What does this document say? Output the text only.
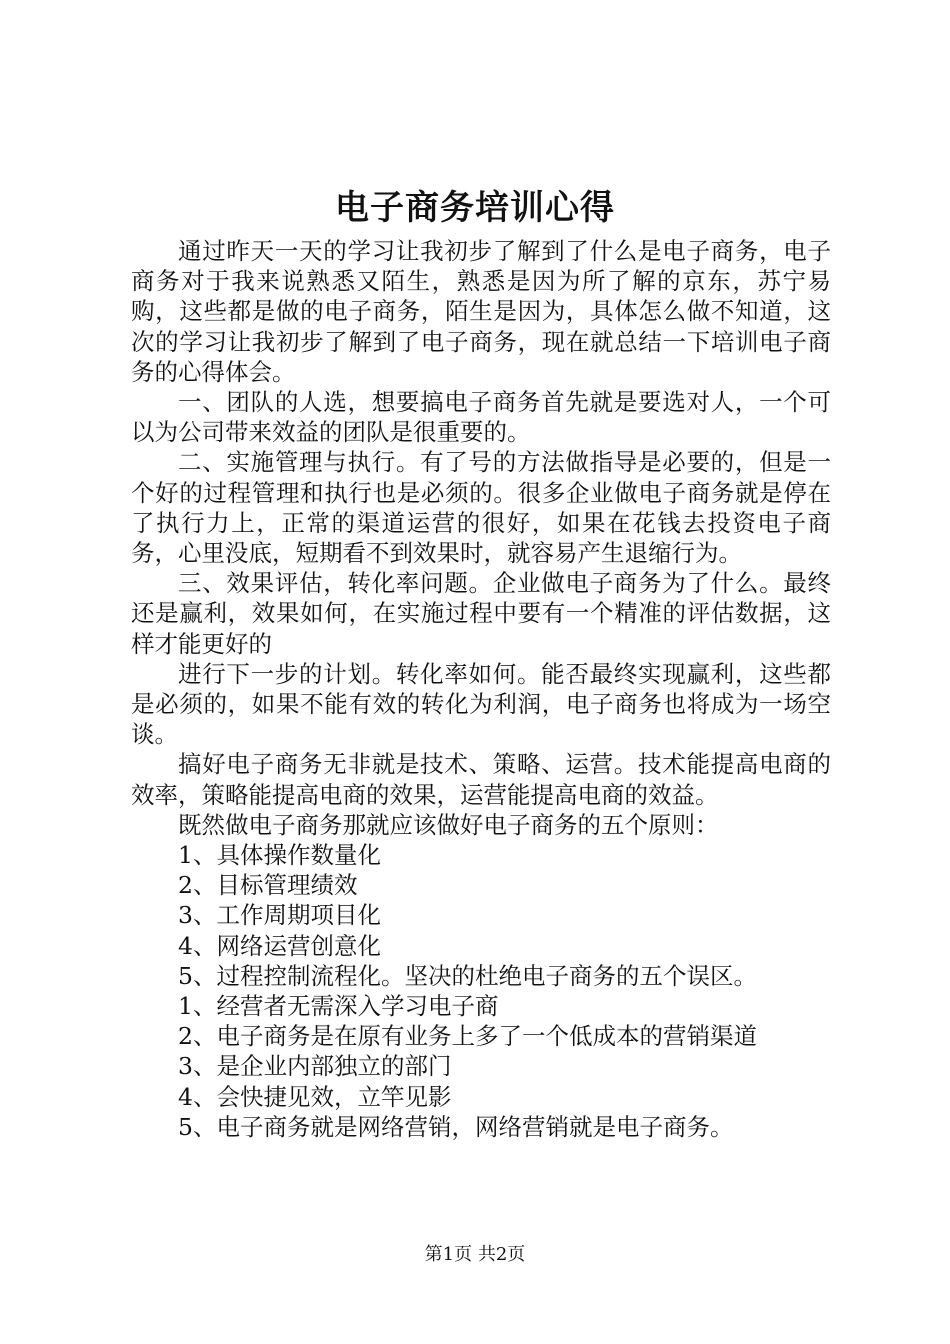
电子商务培训心得

通过昨天一天的学习让我初步了解到了什么是电子商务，电子商务对于我来说熟悉又陌生，熟悉是因为所了解的京东，苏宁易购，这些都是做的电子商务，陌生是因为，具体怎么做不知道，这次的学习让我初步了解到了电子商务，现在就总结一下培训电子商务的心得体会。

一、团队的人选，想要搞电子商务首先就是要选对人，一个可以为公司带来效益的团队是很重要的。

二、实施管理与执行。有了号的方法做指导是必要的，但是一个好的过程管理和执行也是必须的。很多企业做电子商务就是停在了执行力上，正常的渠道运营的很好，如果在花钱去投资电子商务，心里没底，短期看不到效果时，就容易产生退缩行为。

三、效果评估，转化率问题。企业做电子商务为了什么。最终还是赢利，效果如何，在实施过程中要有一个精准的评估数据，这样才能更好的

进行下一步的计划。转化率如何。能否最终实现赢利，这些都是必须的，如果不能有效的转化为利润，电子商务也将成为一场空谈。

搞好电子商务无非就是技术、策略、运营。技术能提高电商的效率，策略能提高电商的效果，运营能提高电商的效益。

既然做电子商务那就应该做好电子商务的五个原则：

1、具体操作数量化

2、目标管理绩效

3、工作周期项目化

4、网络运营创意化

5、过程控制流程化。坚决的杜绝电子商务的五个误区。

1、经营者无需深入学习电子商

2、电子商务是在原有业务上多了一个低成本的营销渠道

3、是企业内部独立的部门

4、会快捷见效，立竿见影

5、电子商务就是网络营销，网络营销就是电子商务。

第1页 共2页
